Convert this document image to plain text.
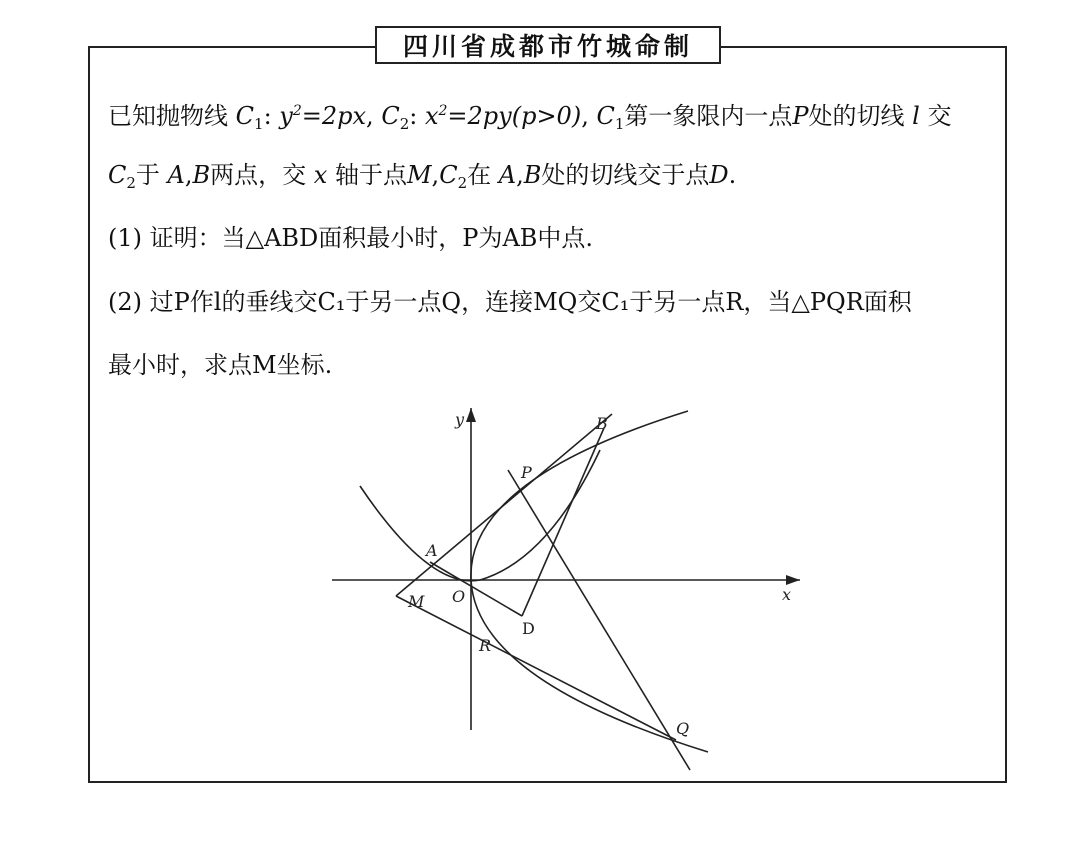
四川省成都市竹城命制
已知抛物线 $C_1$: $y^2=2px$, $C_2$: $x^2=2py(p>0)$, $C_1$第一象限内一点P处的切线 l 交
$C_2$于 A,B两点，交 x 轴于点$M,C_2$在 A,B处的切线交于点D.
(1) 证明：当△ABD面积最小时，P为AB中点.
(2) 过P作l的垂线交C₁于另一点Q，连接MQ交C₁于另一点R，当△PQR面积
最小时，求点M坐标.
y
x
O
A
B
P
M
D
R
Q
